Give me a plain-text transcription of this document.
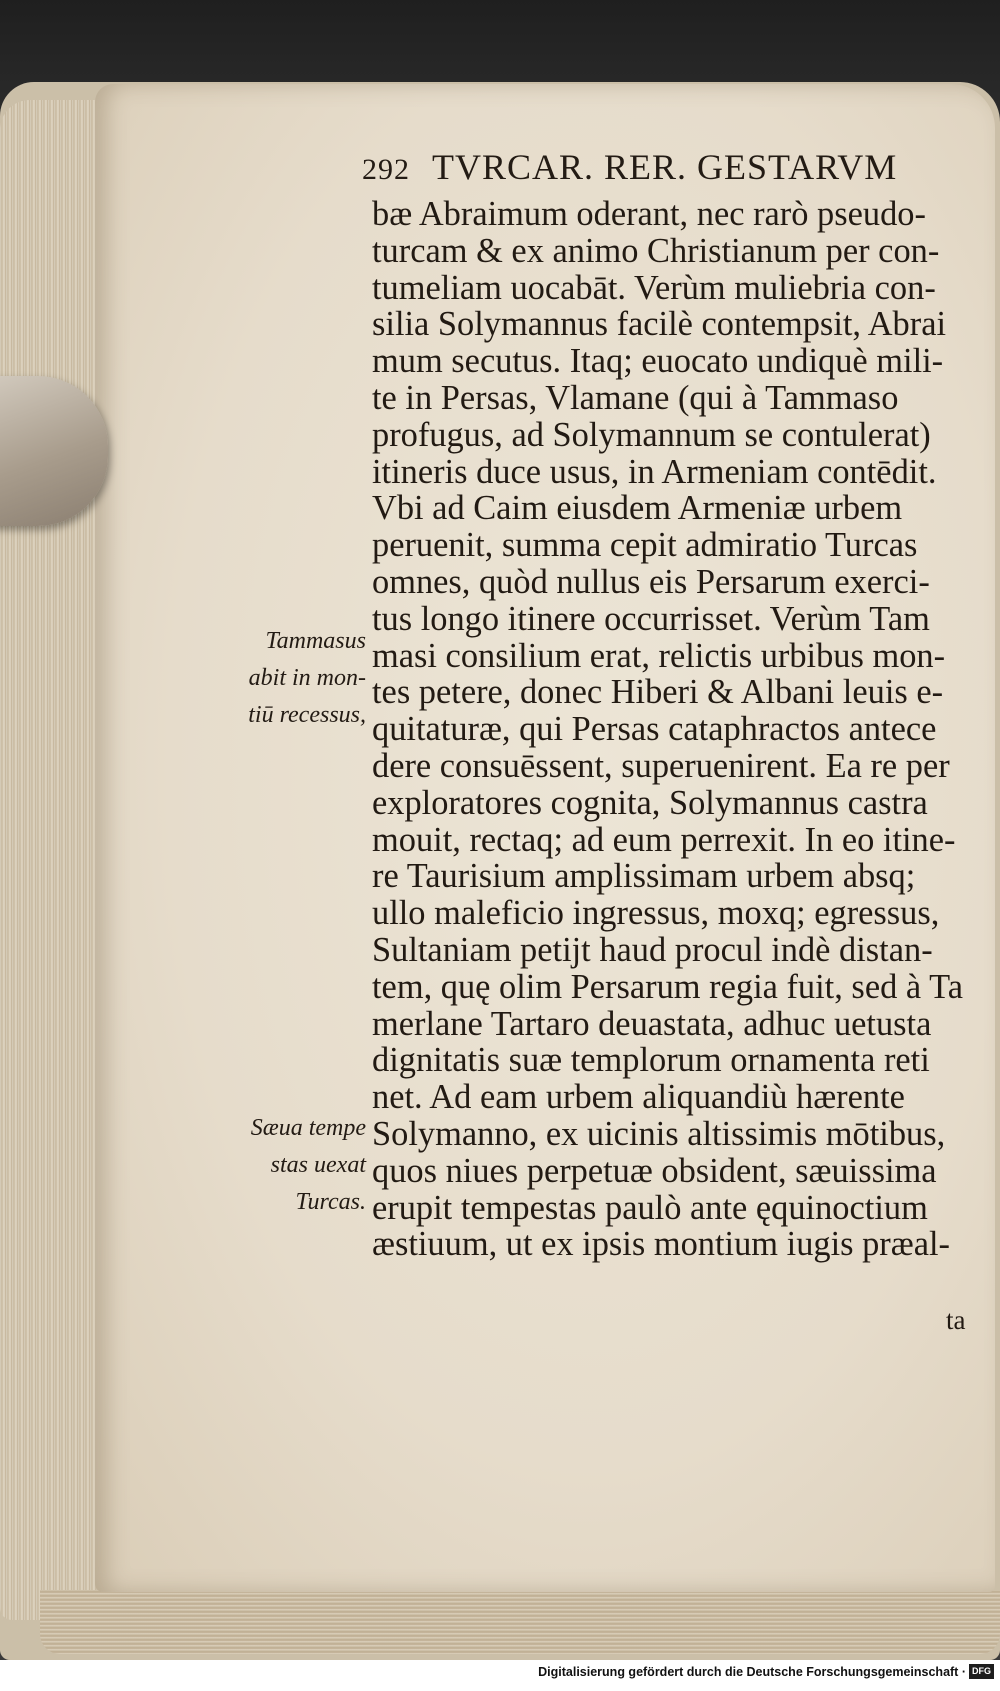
292 TVRCAR. RER. GESTARVM
bæ Abraimum oderant, nec rarò pseudo-
turcam & ex animo Christianum per con-
tumeliam uocabāt. Verùm muliebria con-
silia Solymannus facilè contempsit, Abrai
mum secutus. Itaq; euocato undiquè mili-
te in Persas, Vlamane (qui à Tammaso
profugus, ad Solymannum se contulerat)
itineris duce usus, in Armeniam contēdit.
Vbi ad Caim eiusdem Armeniæ urbem
peruenit, summa cepit admiratio Turcas
omnes, quòd nullus eis Persarum exerci-
tus longo itinere occurrisset. Verùm Tam
masi consilium erat, relictis urbibus mon-
tes petere, donec Hiberi & Albani leuis e-
quitaturæ, qui Persas cataphractos antece
dere consuēssent, superuenirent. Ea re per
exploratores cognita, Solymannus castra
mouit, rectaq; ad eum perrexit. In eo itine-
re Taurisium amplissimam urbem absq;
ullo maleficio ingressus, moxq; egressus,
Sultaniam petijt haud procul indè distan-
tem, quę olim Persarum regia fuit, sed à Ta
merlane Tartaro deuastata, adhuc uetusta
dignitatis suæ templorum ornamenta reti
net. Ad eam urbem aliquandiù hærente
Solymanno, ex uicinis altissimis mōtibus,
quos niues perpetuæ obsident, sæuissima
erupit tempestas paulò ante ęquinoctium
æstiuum, ut ex ipsis montium iugis præal-
ta
Tammasus
abit in mon-
tiū recessus,
Sæua tempe
stas uexat
Turcas.
Digitalisierung gefördert durch die Deutsche Forschungsgemeinschaft · DFG
